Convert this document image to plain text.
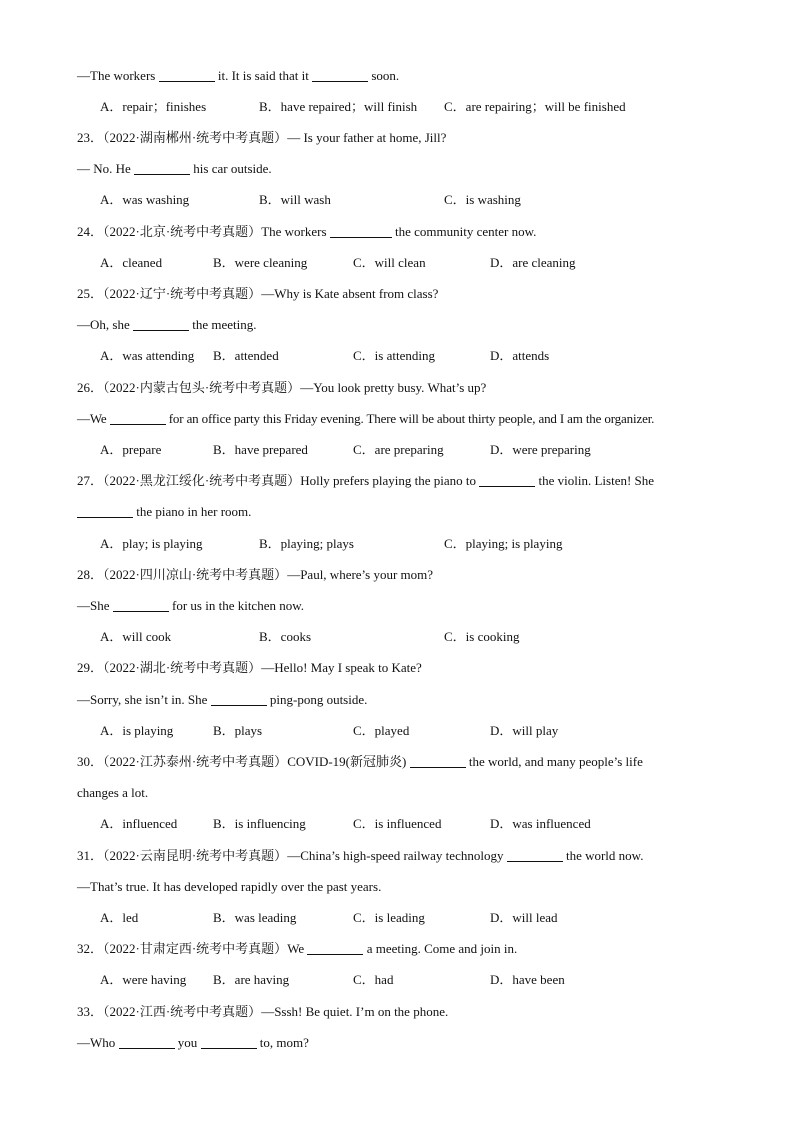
—The workers	it. It is said that it	soon.
A．repair；finishes	B．have repaired；will finish C．are repairing；will be finished
23．（2022·湖南郴州·统考中考真题）— Is your father at home, Jill?
— No. He	his car outside.
A．was washing	B．will wash	C．is washing
24．（2022·北京·统考中考真题）The workers	the community center now.
A．cleaned	B．were cleaning	C．will clean	D．are cleaning
25．（2022·辽宁·统考中考真题）—Why is Kate absent from class?
—Oh, she	the meeting.
A．was attending B．attended	C．is attending	D．attends
26．（2022·内蒙古包头·统考中考真题）—You look pretty busy. What’s up?
—We	for an office party this Friday evening. There will be about thirty people, and I am the organizer.
A．prepare	B．have prepared	C．are preparing	D．were preparing
27．（2022·黑龙江绥化·统考中考真题）Holly prefers playing the piano to	the violin. Listen! She
the piano in her room.
A．play; is playing	B．playing; plays	C．playing; is playing
28．（2022·四川凉山·统考中考真题）—Paul, where’s your mom?
—She	for us in the kitchen now.
A．will cook	B．cooks	C．is cooking
29．（2022·湖北·统考中考真题）—Hello! May I speak to Kate?
—Sorry, she isn’t in. She	ping-pong outside.
A．is playing	B．plays	C．played	D．will play
30．（2022·江苏泰州·统考中考真题）COVID-19(新冠肺炎)	the world, and many people’s life
changes a lot.
A．influenced	B．is influencing	C．is influenced	D．was influenced
31．（2022·云南昆明·统考中考真题）—China’s high-speed railway technology	the world now.
—That’s true. It has developed rapidly over the past years.
A．led	B．was leading	C．is leading	D．will lead
32．（2022·甘肃定西·统考中考真题）We	a meeting. Come and join in.
A．were having B．are having	C．had	D．have been
33．（2022·江西·统考中考真题）—Sssh! Be quiet. I’m on the phone.
—Who	you	to, mom?
